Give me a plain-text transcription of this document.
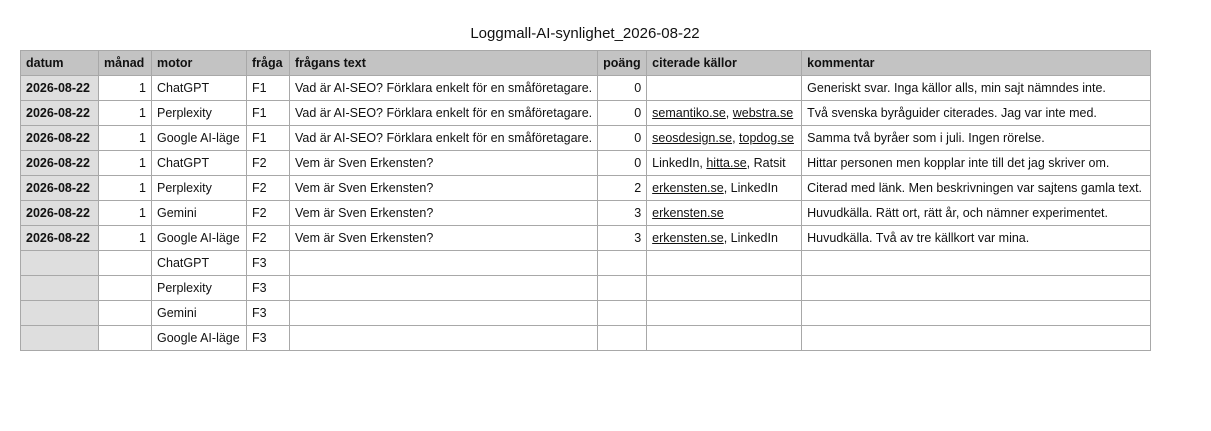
Loggmall-AI-synlighet_2026-08-22
datum	månad	motor	fråga	frågans text	poäng	citerade källor	kommentar
2026-08-22	1	ChatGPT	F1	Vad är AI-SEO? Förklara enkelt för en småföretagare.	0		Generiskt svar. Inga källor alls, min sajt nämndes inte.
2026-08-22	1	Perplexity	F1	Vad är AI-SEO? Förklara enkelt för en småföretagare.	0	semantiko.se, webstra.se	Två svenska byråguider citerades. Jag var inte med.
2026-08-22	1	Google AI-läge	F1	Vad är AI-SEO? Förklara enkelt för en småföretagare.	0	seosdesign.se, topdog.se	Samma två byråer som i juli. Ingen rörelse.
2026-08-22	1	ChatGPT	F2	Vem är Sven Erkensten?	0	LinkedIn, hitta.se, Ratsit	Hittar personen men kopplar inte till det jag skriver om.
2026-08-22	1	Perplexity	F2	Vem är Sven Erkensten?	2	erkensten.se, LinkedIn	Citerad med länk. Men beskrivningen var sajtens gamla text.
2026-08-22	1	Gemini	F2	Vem är Sven Erkensten?	3	erkensten.se	Huvudkälla. Rätt ort, rätt år, och nämner experimentet.
2026-08-22	1	Google AI-läge	F2	Vem är Sven Erkensten?	3	erkensten.se, LinkedIn	Huvudkälla. Två av tre källkort var mina.
		ChatGPT	F3				
		Perplexity	F3				
		Gemini	F3				
		Google AI-läge	F3				
